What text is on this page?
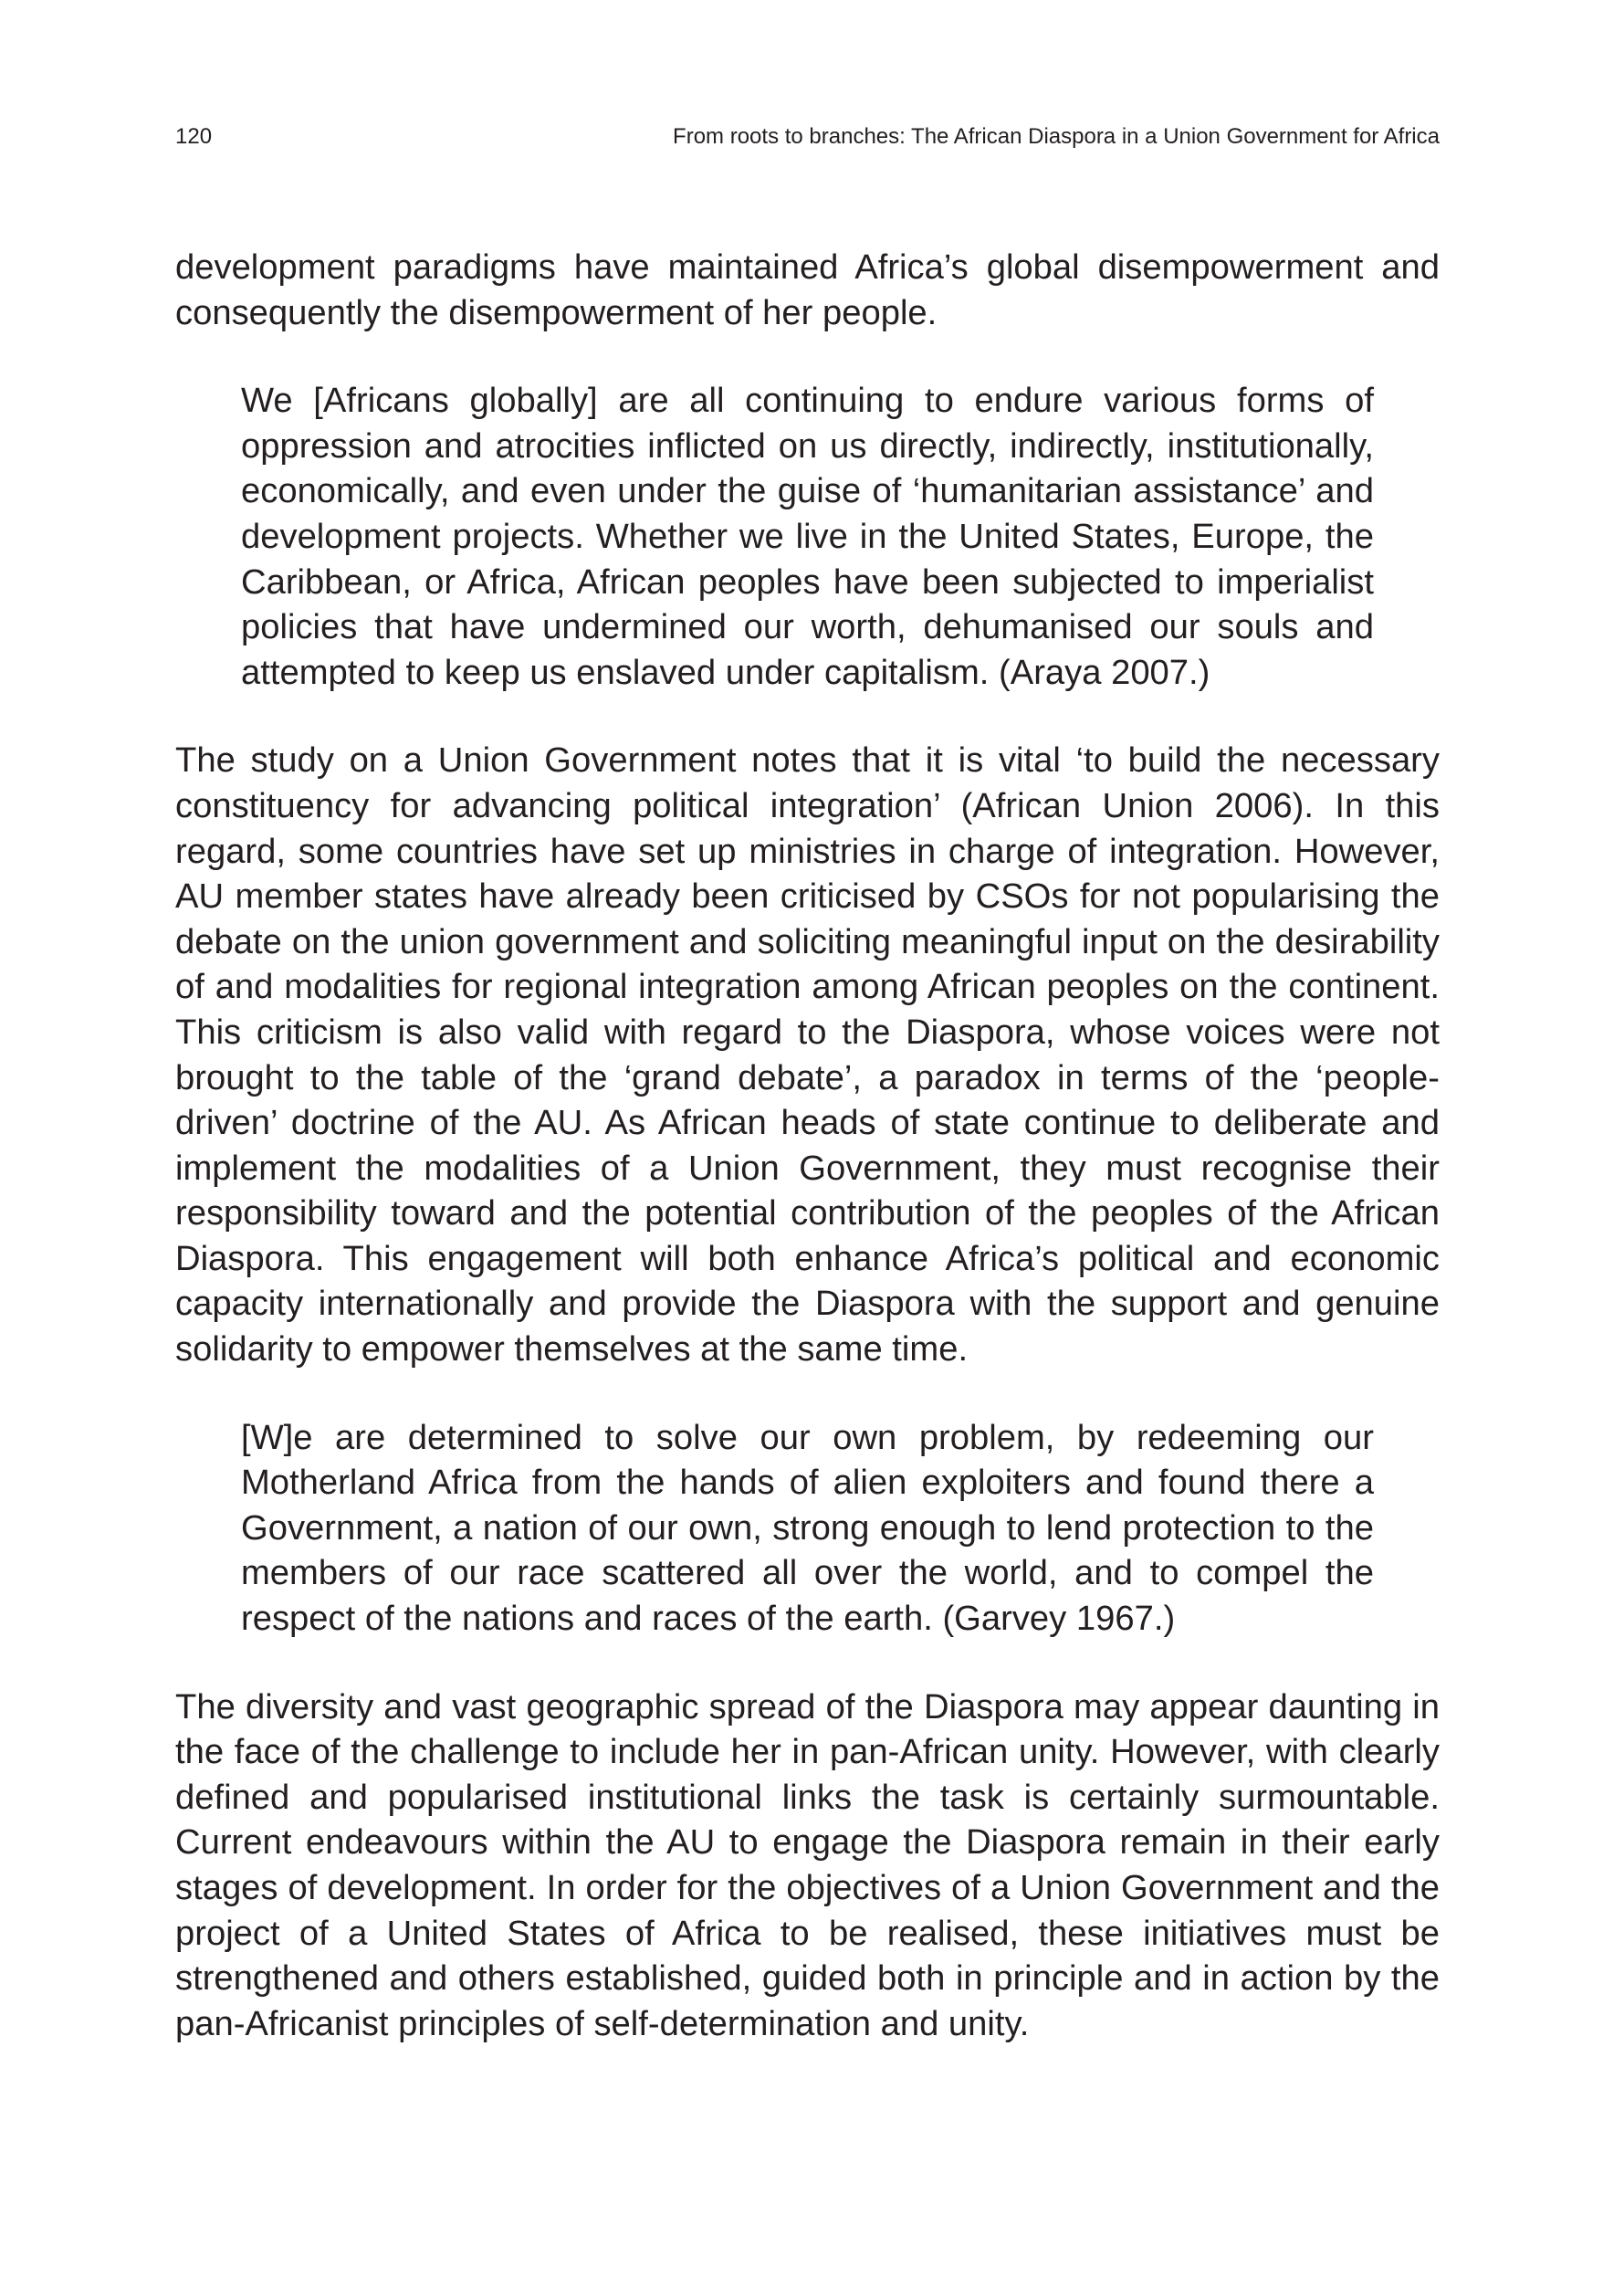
120	From roots to branches: The African Diaspora in a Union Government for Africa

development paradigms have maintained Africa’s global disempowerment and consequently the disempowerment of her people.

We [Africans globally] are all continuing to endure various forms of oppression and atrocities inflicted on us directly, indirectly, institutionally, economically, and even under the guise of ‘humanitarian assistance’ and development projects. Whether we live in the United States, Europe, the Caribbean, or Africa, African peoples have been subjected to imperialist policies that have undermined our worth, dehumanised our souls and attempted to keep us enslaved under capitalism. (Araya 2007.)

The study on a Union Government notes that it is vital ‘to build the necessary constituency for advancing political integration’ (African Union 2006). In this regard, some countries have set up ministries in charge of integration. However, AU member states have already been criticised by CSOs for not popularising the debate on the union government and soliciting meaningful input on the desirability of and modalities for regional integration among African peoples on the continent. This criticism is also valid with regard to the Diaspora, whose voices were not brought to the table of the ‘grand debate’, a paradox in terms of the ‘people-driven’ doctrine of the AU. As African heads of state continue to deliberate and implement the modalities of a Union Government, they must recognise their responsibility toward and the potential contribution of the peoples of the African Diaspora. This engagement will both enhance Africa’s political and economic capacity internationally and provide the Diaspora with the support and genuine solidarity to empower themselves at the same time.

[W]e are determined to solve our own problem, by redeeming our Motherland Africa from the hands of alien exploiters and found there a Government, a nation of our own, strong enough to lend protection to the members of our race scattered all over the world, and to compel the respect of the nations and races of the earth. (Garvey 1967.)

The diversity and vast geographic spread of the Diaspora may appear daunting in the face of the challenge to include her in pan-African unity. However, with clearly defined and popularised institutional links the task is certainly surmountable. Current endeavours within the AU to engage the Diaspora remain in their early stages of development. In order for the objectives of a Union Government and the project of a United States of Africa to be realised, these initiatives must be strengthened and others established, guided both in principle and in action by the pan-Africanist principles of self-determination and unity.
